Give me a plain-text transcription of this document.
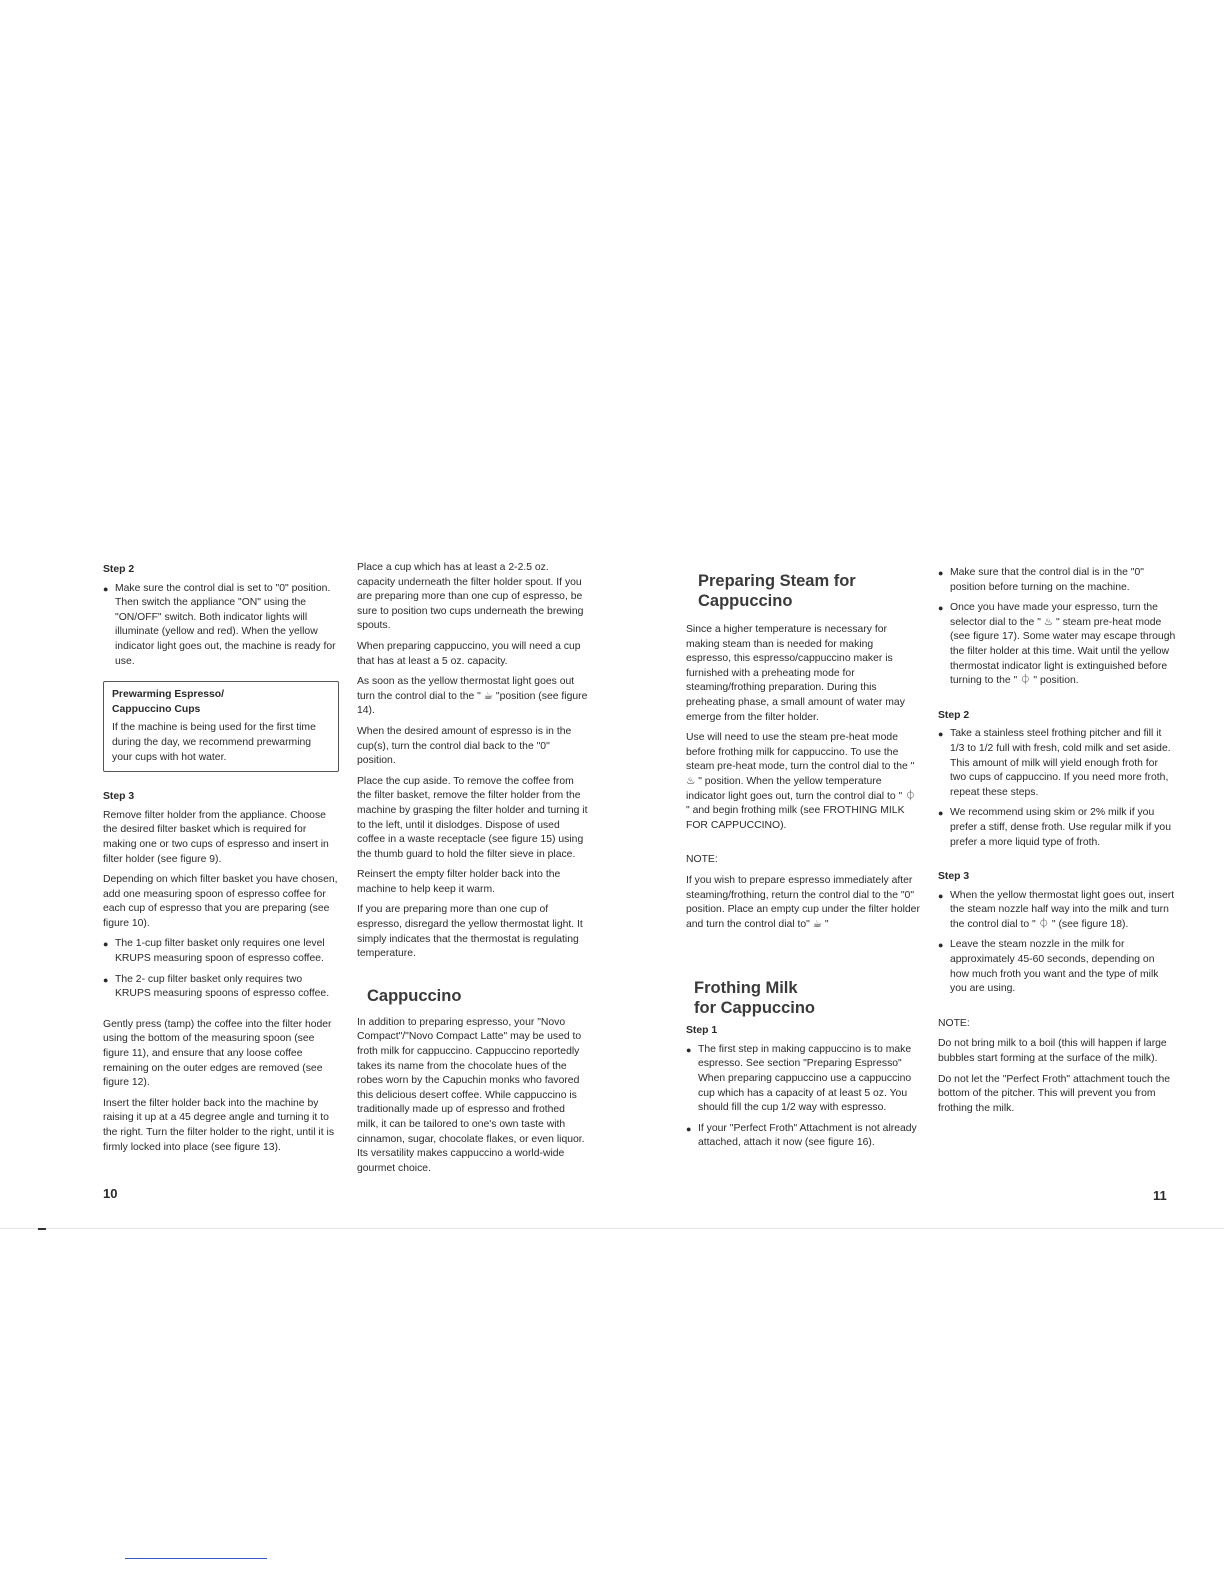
Step 2
● Make sure the control dial is set to "0" position. Then switch the appliance "ON" using the "ON/OFF" switch. Both indicator lights will illuminate (yellow and red). When the yellow indicator light goes out, the machine is ready for use.
Prewarming Espresso/
Cappuccino Cups

If the machine is being used for the first time during the day, we recommend prewarming your cups with hot water.

Step 3

Remove filter holder from the appliance. Choose the desired filter basket which is required for making one or two cups of espresso and insert in filter holder (see figure 9).

Depending on which filter basket you have chosen, add one measuring spoon of espresso coffee for each cup of espresso that you are preparing (see figure 10).

● The 1-cup filter basket only requires one level KRUPS measuring spoon of espresso coffee.
● The 2- cup filter basket only requires two KRUPS measuring spoons of espresso coffee.

Gently press (tamp) the coffee into the filter hoder using the bottom of the measuring spoon (see figure 11), and ensure that any loose coffee remaining on the outer edges are removed (see figure 12).

Insert the filter holder back into the machine by raising it up at a 45 degree angle and turning it to the right. Turn the filter holder to the right, until it is firmly locked into place (see figure 13).

Place a cup which has at least a 2-2.5 oz. capacity underneath the filter holder spout. If you are preparing more than one cup of espresso, be sure to position two cups underneath the brewing spouts.

When preparing cappuccino, you will need a cup that has at least a 5 oz. capacity.

As soon as the yellow thermostat light goes out turn the control dial to the " ☕ "position (see figure 14).

When the desired amount of espresso is in the cup(s), turn the control dial back to the "0" position.

Place the cup aside. To remove the coffee from the filter basket, remove the filter holder from the machine by grasping the filter holder and turning it to the left, until it dislodges. Dispose of used coffee in a waste receptacle (see figure 15) using the thumb guard to hold the filter sieve in place.

Reinsert the empty filter holder back into the machine to help keep it warm.

If you are preparing more than one cup of espresso, disregard the yellow thermostat light. It simply indicates that the thermostat is regulating temperature.

Cappuccino

In addition to preparing espresso, your "Novo Compact"/"Novo Compact Latte" may be used to froth milk for cappuccino. Cappuccino reportedly takes its name from the chocolate hues of the robes worn by the Capuchin monks who favored this delicious desert coffee. While cappuccino is traditionally made up of espresso and frothed milk, it can be tailored to one's own taste with cinnamon, sugar, chocolate flakes, or even liquor. Its versatility makes cappuccino a world-wide gourmet choice.

10
Preparing Steam for
Cappuccino

Since a higher temperature is necessary for making steam than is needed for making espresso, this espresso/cappuccino maker is furnished with a preheating mode for steaming/frothing preparation. During this preheating phase, a small amount of water may emerge from the filter holder.

Use will need to use the steam pre-heat mode before frothing milk for cappuccino. To use the steam pre-heat mode, turn the control dial to the " ♨ " position. When the yellow temperature indicator light goes out, turn the control dial to " ⏀ " and begin frothing milk (see FROTHING MILK FOR CAPPUCCINO).

NOTE:

If you wish to prepare espresso immediately after steaming/frothing, return the control dial to the "0" position. Place an empty cup under the filter holder and turn the control dial to" ☕ "

Frothing Milk
for Cappuccino
Step 1
● The first step in making cappuccino is to make espresso. See section "Preparing Espresso" When preparing cappuccino use a cappuccino cup which has a capacity of at least 5 oz. You should fill the cup 1/2 way with espresso.
● If your "Perfect Froth" Attachment is not already attached, attach it now (see figure 16).
● Make sure that the control dial is in the "0" position before turning on the machine.
● Once you have made your espresso, turn the selector dial to the " ♨ " steam pre-heat mode (see figure 17). Some water may escape through the filter holder at this time. Wait until the yellow thermostat indicator light is extinguished before turning to the " ⏀ " position.
Step 2
● Take a stainless steel frothing pitcher and fill it 1/3 to 1/2 full with fresh, cold milk and set aside. This amount of milk will yield enough froth for two cups of cappuccino. If you need more froth, repeat these steps.
● We recommend using skim or 2% milk if you prefer a stiff, dense froth. Use regular milk if you prefer a more liquid type of froth.
Step 3
● When the yellow thermostat light goes out, insert the steam nozzle half way into the milk and turn the control dial to " ⏀ " (see figure 18).
● Leave the steam nozzle in the milk for approximately 45-60 seconds, depending on how much froth you want and the type of milk you are using.
NOTE:

Do not bring milk to a boil (this will happen if large bubbles start forming at the surface of the milk).

Do not let the "Perfect Froth" attachment touch the bottom of the pitcher. This will prevent you from frothing the milk.

11
